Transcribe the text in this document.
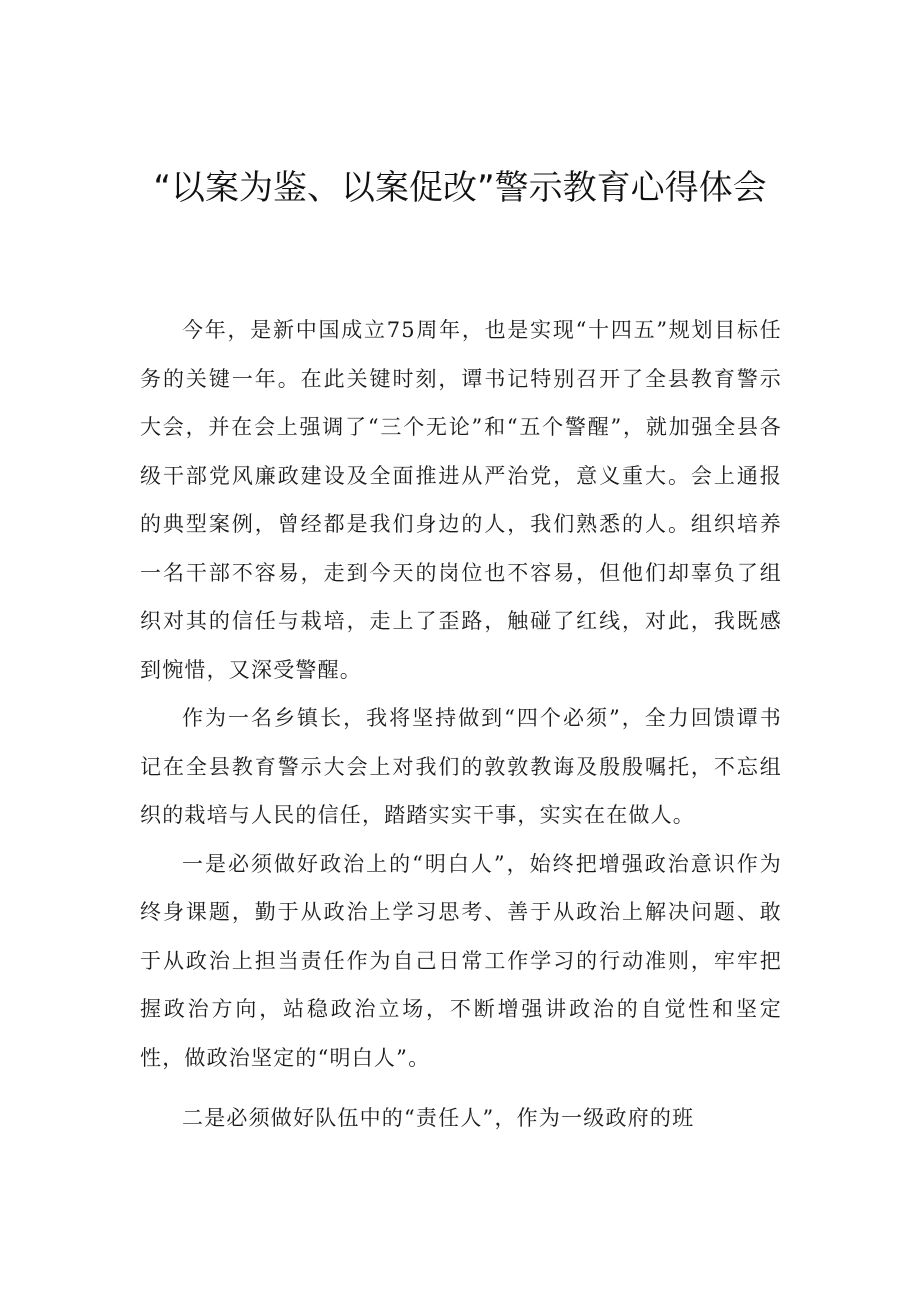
“以案为鉴、以案促改”警示教育心得体会

今年，是新中国成立75周年，也是实现“十四五”规划目标任务的关键一年。在此关键时刻，谭书记特别召开了全县教育警示大会，并在会上强调了“三个无论”和“五个警醒”，就加强全县各级干部党风廉政建设及全面推进从严治党，意义重大。会上通报的典型案例，曾经都是我们身边的人，我们熟悉的人。组织培养一名干部不容易，走到今天的岗位也不容易，但他们却辜负了组织对其的信任与栽培，走上了歪路，触碰了红线，对此，我既感到惋惜，又深受警醒。

作为一名乡镇长，我将坚持做到“四个必须”，全力回馈谭书记在全县教育警示大会上对我们的敦敦教诲及殷殷嘱托，不忘组织的栽培与人民的信任，踏踏实实干事，实实在在做人。

一是必须做好政治上的“明白人”，始终把增强政治意识作为终身课题，勤于从政治上学习思考、善于从政治上解决问题、敢于从政治上担当责任作为自己日常工作学习的行动准则，牢牢把握政治方向，站稳政治立场，不断增强讲政治的自觉性和坚定性，做政治坚定的“明白人”。

二是必须做好队伍中的“责任人”，作为一级政府的班
